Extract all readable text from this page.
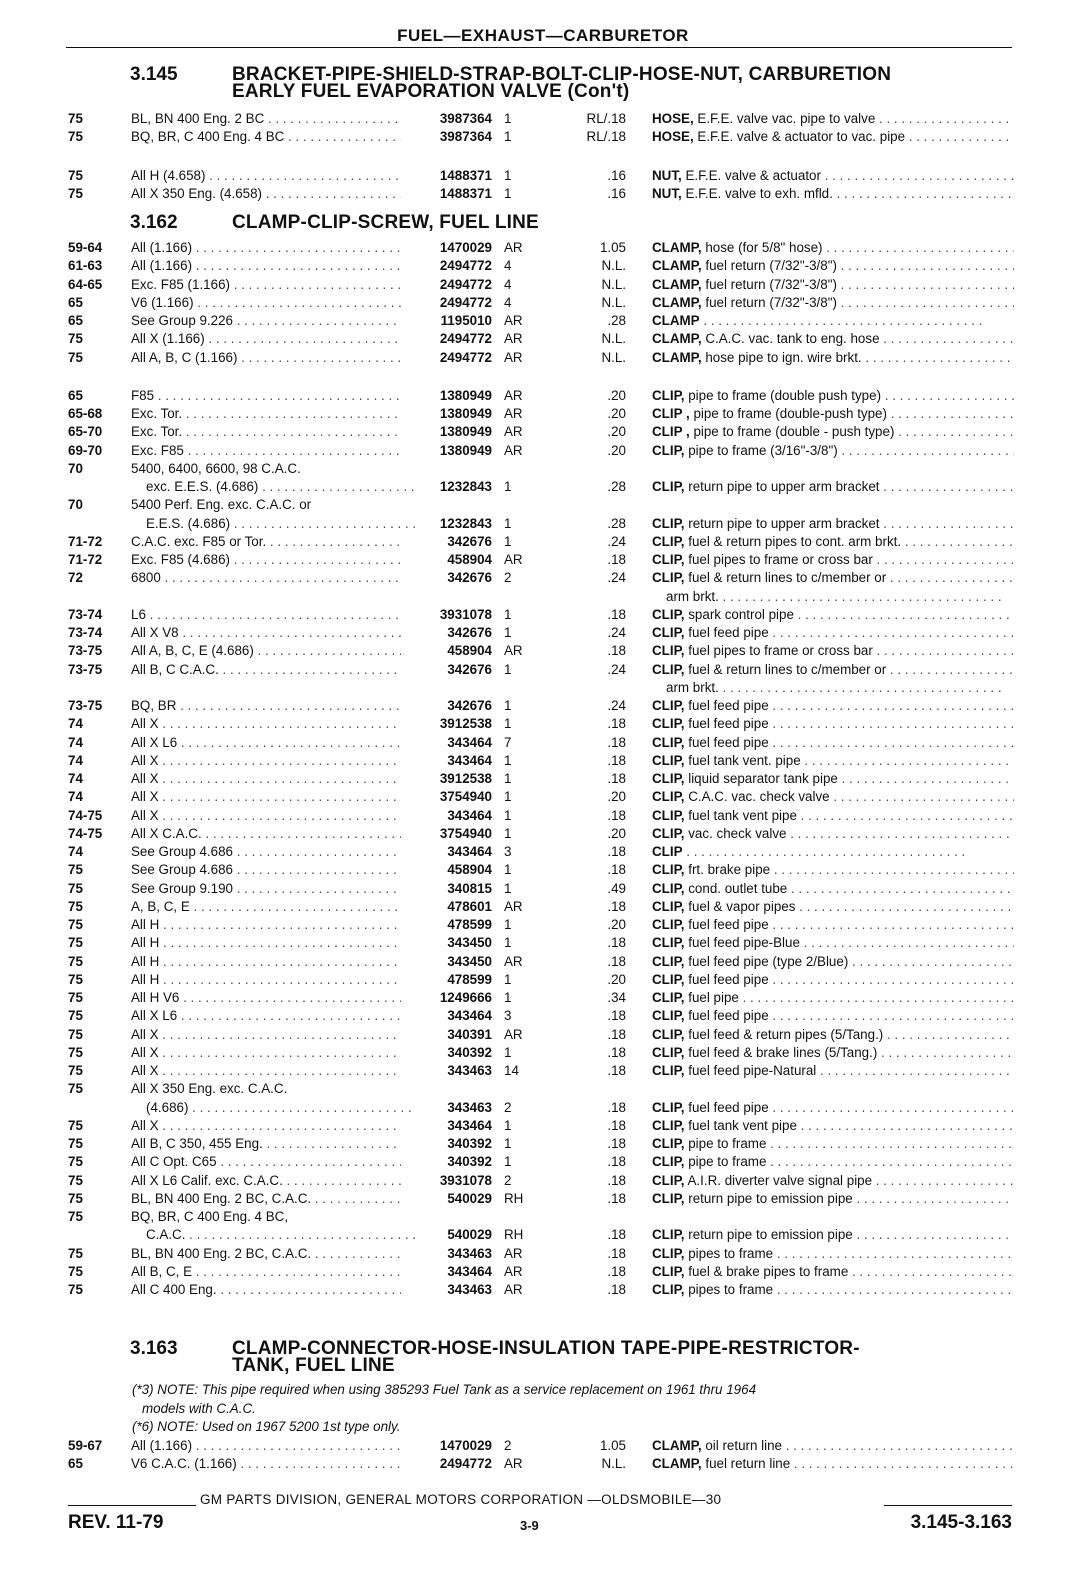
FUEL—EXHAUST—CARBURETOR
3.145	BRACKET-PIPE-SHIELD-STRAP-BOLT-CLIP-HOSE-NUT, CARBURETION
EARLY FUEL EVAPORATION VALVE (Con't)
75	BL, BN 400 Eng. 2 BC . . .	3987364 1	RL/.18 HOSE, E.F.E. valve vac. pipe to valve . . .
75	BQ, BR, C 400 Eng. 4 BC . . .	3987364 1	RL/.18 HOSE, E.F.E. valve & actuator to vac. pipe . . .
75	All H (4.658) . . .	1488371 1	.16 NUT, E.F.E. valve & actuator . . .
75	All X 350 Eng. (4.658) . . .	1488371 1	.16 NUT, E.F.E. valve to exh. mfld. . . .
3.162	CLAMP-CLIP-SCREW, FUEL LINE
59-64 All (1.166) . . .	1470029 AR	1.05 CLAMP, hose (for 5/8" hose) . . .
61-63 All (1.166) . . .	2494772 4	N.L. CLAMP, fuel return (7/32"-3/8") . . .
64-65 Exc. F85 (1.166) . . .	2494772 4	N.L. CLAMP, fuel return (7/32"-3/8") . . .
65	V6 (1.166) . . .	2494772 4	N.L. CLAMP, fuel return (7/32"-3/8") . . .
65	See Group 9.226 . . .	1195010 AR	.28 CLAMP . . .
75	All X (1.166) . . .	2494772 AR	N.L. CLAMP, C.A.C. vac. tank to eng. hose . . .
75	All A, B, C (1.166) . . .	2494772 AR	N.L. CLAMP, hose pipe to ign. wire brkt. . . .
65	F85 . . .	1380949 AR	.20 CLIP, pipe to frame (double push type) . . .
65-68 Exc. Tor. . . .	1380949 AR	.20 CLIP , pipe to frame (double-push type) . . .
65-70 Exc. Tor. . . .	1380949 AR	.20 CLIP , pipe to frame (double - push type) . . .
69-70 Exc. F85 . . .	1380949 AR	.20 CLIP, pipe to frame (3/16"-3/8") . . .
70	5400, 6400, 6600, 98 C.A.C.
exc. E.E.S. (4.686) . . .	1232843 1	.28 CLIP, return pipe to upper arm bracket . . .
70	5400 Perf. Eng. exc. C.A.C. or
E.E.S. (4.686) . . .	1232843 1	.28 CLIP, return pipe to upper arm bracket . . .
71-72 C.A.C. exc. F85 or Tor. . . .	342676 1	.24 CLIP, fuel & return pipes to cont. arm brkt. . . .
71-72 Exc. F85 (4.686) . . .	458904 AR	.18 CLIP, fuel pipes to frame or cross bar . . .
72	6800 . . .	342676 2	.24 CLIP, fuel & return lines to c/member or . . .
arm brkt. . . .
73-74 L6 . . .	3931078 1	.18 CLIP, spark control pipe . . .
73-74 All X V8 . . .	342676 1	.24 CLIP, fuel feed pipe . . .
73-75 All A, B, C, E (4.686) . . .	458904 AR	.18 CLIP, fuel pipes to frame or cross bar . . .
73-75 All B, C C.A.C. . . .	342676 1	.24 CLIP, fuel & return lines to c/member or . . .
arm brkt. . . .
73-75 BQ, BR . . .	342676 1	.24 CLIP, fuel feed pipe . . .
74	All X . . .	3912538 1	.18 CLIP, fuel feed pipe . . .
74	All X L6 . . .	343464 7	.18 CLIP, fuel feed pipe . . .
74	All X . . .	343464 1	.18 CLIP, fuel tank vent. pipe . . .
74	All X . . .	3912538 1	.18 CLIP, liquid separator tank pipe . . .
74	All X . . .	3754940 1	.20 CLIP, C.A.C. vac. check valve . . .
74-75 All X . . .	343464 1	.18 CLIP, fuel tank vent pipe . . .
74-75 All X C.A.C. . . .	3754940 1	.20 CLIP, vac. check valve . . .
74	See Group 4.686 . . .	343464 3	.18 CLIP . . .
75	See Group 4.686 . . .	458904 1	.18 CLIP, frt. brake pipe . . .
75	See Group 9.190 . . .	340815 1	.49 CLIP, cond. outlet tube . . .
75	A, B, C, E . . .	478601 AR	.18 CLIP, fuel & vapor pipes . . .
75	All H . . .	478599 1	.20 CLIP, fuel feed pipe . . .
75	All H . . .	343450 1	.18 CLIP, fuel feed pipe-Blue . . .
75	All H . . .	343450 AR	.18 CLIP, fuel feed pipe (type 2/Blue) . . .
75	All H . . .	478599 1	.20 CLIP, fuel feed pipe . . .
75	All H V6 . . .	1249666 1	.34 CLIP, fuel pipe . . .
75	All X L6 . . .	343464 3	.18 CLIP, fuel feed pipe . . .
75	All X . . .	340391 AR	.18 CLIP, fuel feed & return pipes (5/Tang.) . . .
75	All X . . .	340392 1	.18 CLIP, fuel feed & brake lines (5/Tang.) . . .
75	All X . . .	343463 14	.18 CLIP, fuel feed pipe-Natural . . .
75	All X 350 Eng. exc. C.A.C.
(4.686) . . .	343463 2	.18 CLIP, fuel feed pipe . . .
75	All X . . .	343464 1	.18 CLIP, fuel tank vent pipe . . .
75	All B, C 350, 455 Eng. . . .	340392 1	.18 CLIP, pipe to frame . . .
75	All C Opt. C65 . . .	340392 1	.18 CLIP, pipe to frame . . .
75	All X L6 Calif. exc. C.A.C. . . .	3931078 2	.18 CLIP, A.I.R. diverter valve signal pipe . . .
75	BL, BN 400 Eng. 2 BC, C.A.C. . . .	540029 RH	.18 CLIP, return pipe to emission pipe . . .
75	BQ, BR, C 400 Eng. 4 BC,
C.A.C. . . .	540029 RH	.18 CLIP, return pipe to emission pipe . . .
75	BL, BN 400 Eng. 2 BC, C.A.C. . . .	343463 AR	.18 CLIP, pipes to frame . . .
75	All B, C, E . . .	343464 AR	.18 CLIP, fuel & brake pipes to frame . . .
75	All C 400 Eng. . . .	343463 AR	.18 CLIP, pipes to frame . . .
3.163	CLAMP-CONNECTOR-HOSE-INSULATION TAPE-PIPE-RESTRICTOR-
TANK, FUEL LINE
(*3) NOTE: This pipe required when using 385293 Fuel Tank as a service replacement on 1961 thru 1964
models with C.A.C.
(*6) NOTE: Used on 1967 5200 1st type only.
59-67 All (1.166) . . .	1470029 2	1.05 CLAMP, oil return line . . .
65	V6 C.A.C. (1.166) . . .	2494772 AR	N.L. CLAMP, fuel return line . . .
GM PARTS DIVISION, GENERAL MOTORS CORPORATION —OLDSMOBILE—30
REV. 11-79	3-9	3.145-3.163
